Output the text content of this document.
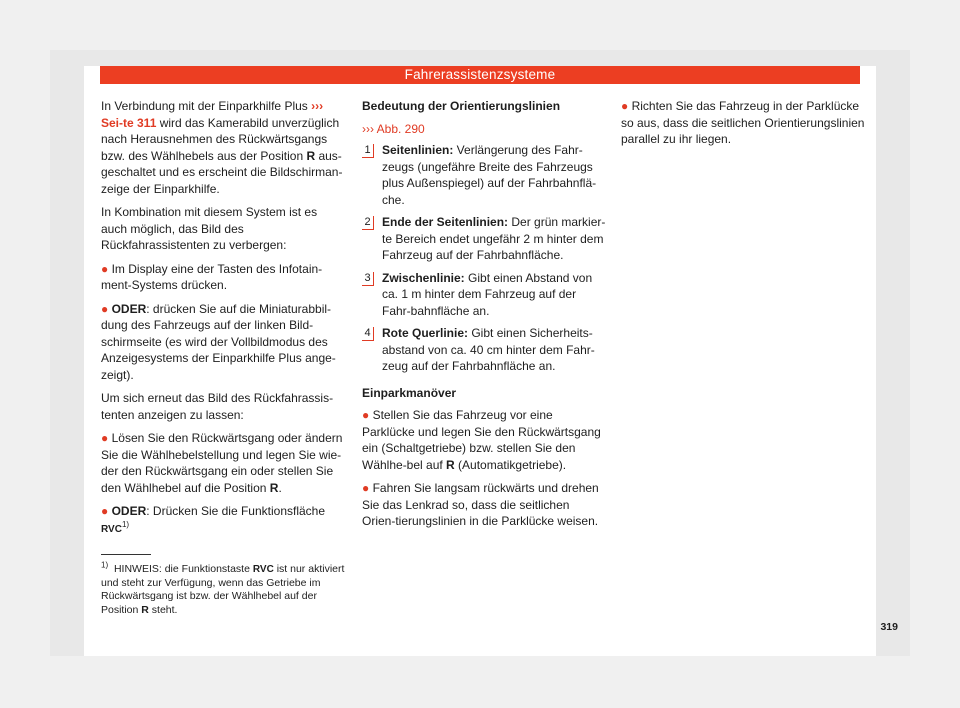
Fahrerassistenzsysteme

In Verbindung mit der Einparkhilfe Plus ››› Sei-te 311 wird das Kamerabild unverzüglich nach Herausnehmen des Rückwärtsgangs bzw. des Wählhebels aus der Position R aus-geschaltet und es erscheint die Bildschirman-zeige der Einparkhilfe.

In Kombination mit diesem System ist es auch möglich, das Bild des Rückfahrassistenten zu verbergen:

● Im Display eine der Tasten des Infotain-ment-Systems drücken.

● ODER: drücken Sie auf die Miniaturabbil-dung des Fahrzeugs auf der linken Bild-schirmseite (es wird der Vollbildmodus des Anzeigesystems der Einparkhilfe Plus ange-zeigt).

Um sich erneut das Bild des Rückfahrassis-tenten anzeigen zu lassen:

● Lösen Sie den Rückwärtsgang oder ändern Sie die Wählhebelstellung und legen Sie wie-der den Rückwärtsgang ein oder stellen Sie den Wählhebel auf die Position R.

● ODER: Drücken Sie die Funktionsfläche
RVC$^{1)}$

Bedeutung der Orientierungslinien
››› Abb. 290
1 Seitenlinien: Verlängerung des Fahr-zeugs (ungefähre Breite des Fahrzeugs plus Außenspiegel) auf der Fahrbahnflä-che.
2 Ende der Seitenlinien: Der grün markier-te Bereich endet ungefähr 2 m hinter dem Fahrzeug auf der Fahrbahnfläche.
3 Zwischenlinie: Gibt einen Abstand von ca. 1 m hinter dem Fahrzeug auf der Fahr-bahnfläche an.
4 Rote Querlinie: Gibt einen Sicherheits-abstand von ca. 40 cm hinter dem Fahr-zeug auf der Fahrbahnfläche an.
Einparkmanöver

● Stellen Sie das Fahrzeug vor eine Parklücke und legen Sie den Rückwärtsgang ein (Schaltgetriebe) bzw. stellen Sie den Wählhe-bel auf R (Automatikgetriebe).

● Fahren Sie langsam rückwärts und drehen Sie das Lenkrad so, dass die seitlichen Orien-tierungslinien in die Parklücke weisen.

● Richten Sie das Fahrzeug in der Parklücke so aus, dass die seitlichen Orientierungslinien parallel zu ihr liegen.

$^{1)}$ HINWEIS: die Funktionstaste RVC ist nur aktiviert und steht zur Verfügung, wenn das Getriebe im Rückwärtsgang ist bzw. der Wählhebel auf der Position R steht.
319
